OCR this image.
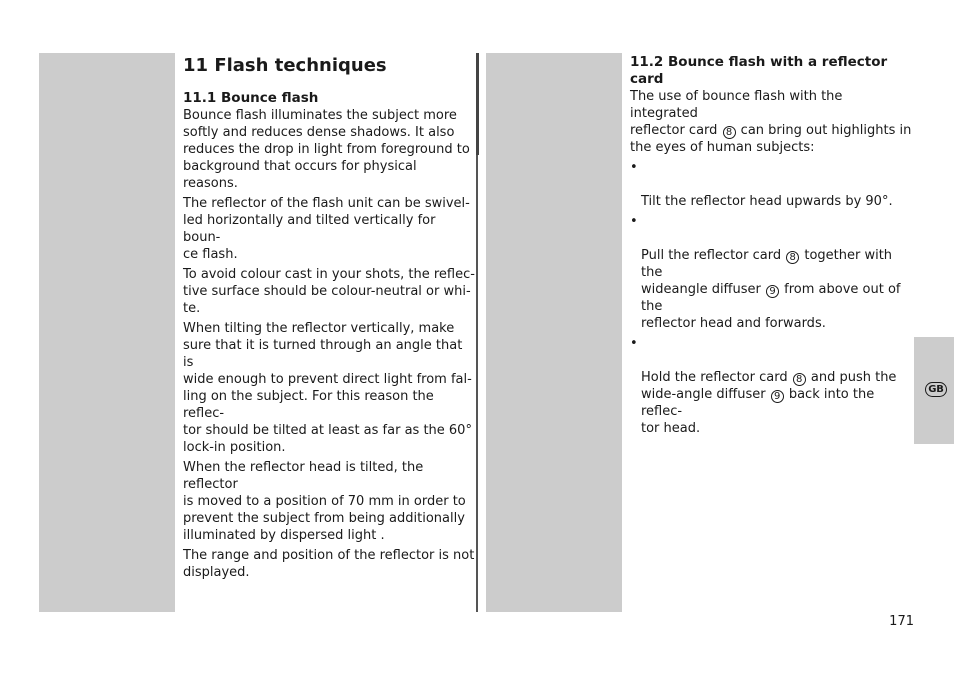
11 Flash techniques
11.1 Bounce flash

Bounce flash illuminates the subject more
softly and reduces dense shadows. It also
reduces the drop in light from foreground to
background that occurs for physical reasons.

The reflector of the flash unit can be swivel-
led horizontally and tilted vertically for boun-
ce flash.

To avoid colour cast in your shots, the reflec-
tive surface should be colour-neutral or whi-
te.

When tilting the reflector vertically, make
sure that it is turned through an angle that is
wide enough to prevent direct light from fal-
ling on the subject. For this reason the reflec-
tor should be tilted at least as far as the 60°
lock-in position.

When the reflector head is tilted, the reflector
is moved to a position of 70 mm in order to
prevent the subject from being additionally
illuminated by dispersed light .

The range and position of the reflector is not
displayed.

11.2 Bounce flash with a reflector card

The use of bounce flash with the integrated
reflector card 8 can bring out highlights in
the eyes of human subjects:

•

Tilt the reflector head upwards by 90°.

•

Pull the reflector card 8 together with the
wideangle diffuser 9 from above out of the
reflector head and forwards.

•

Hold the reflector card 8 and push the
wide-angle diffuser 9 back into the reflec-
tor head.

GB
171
